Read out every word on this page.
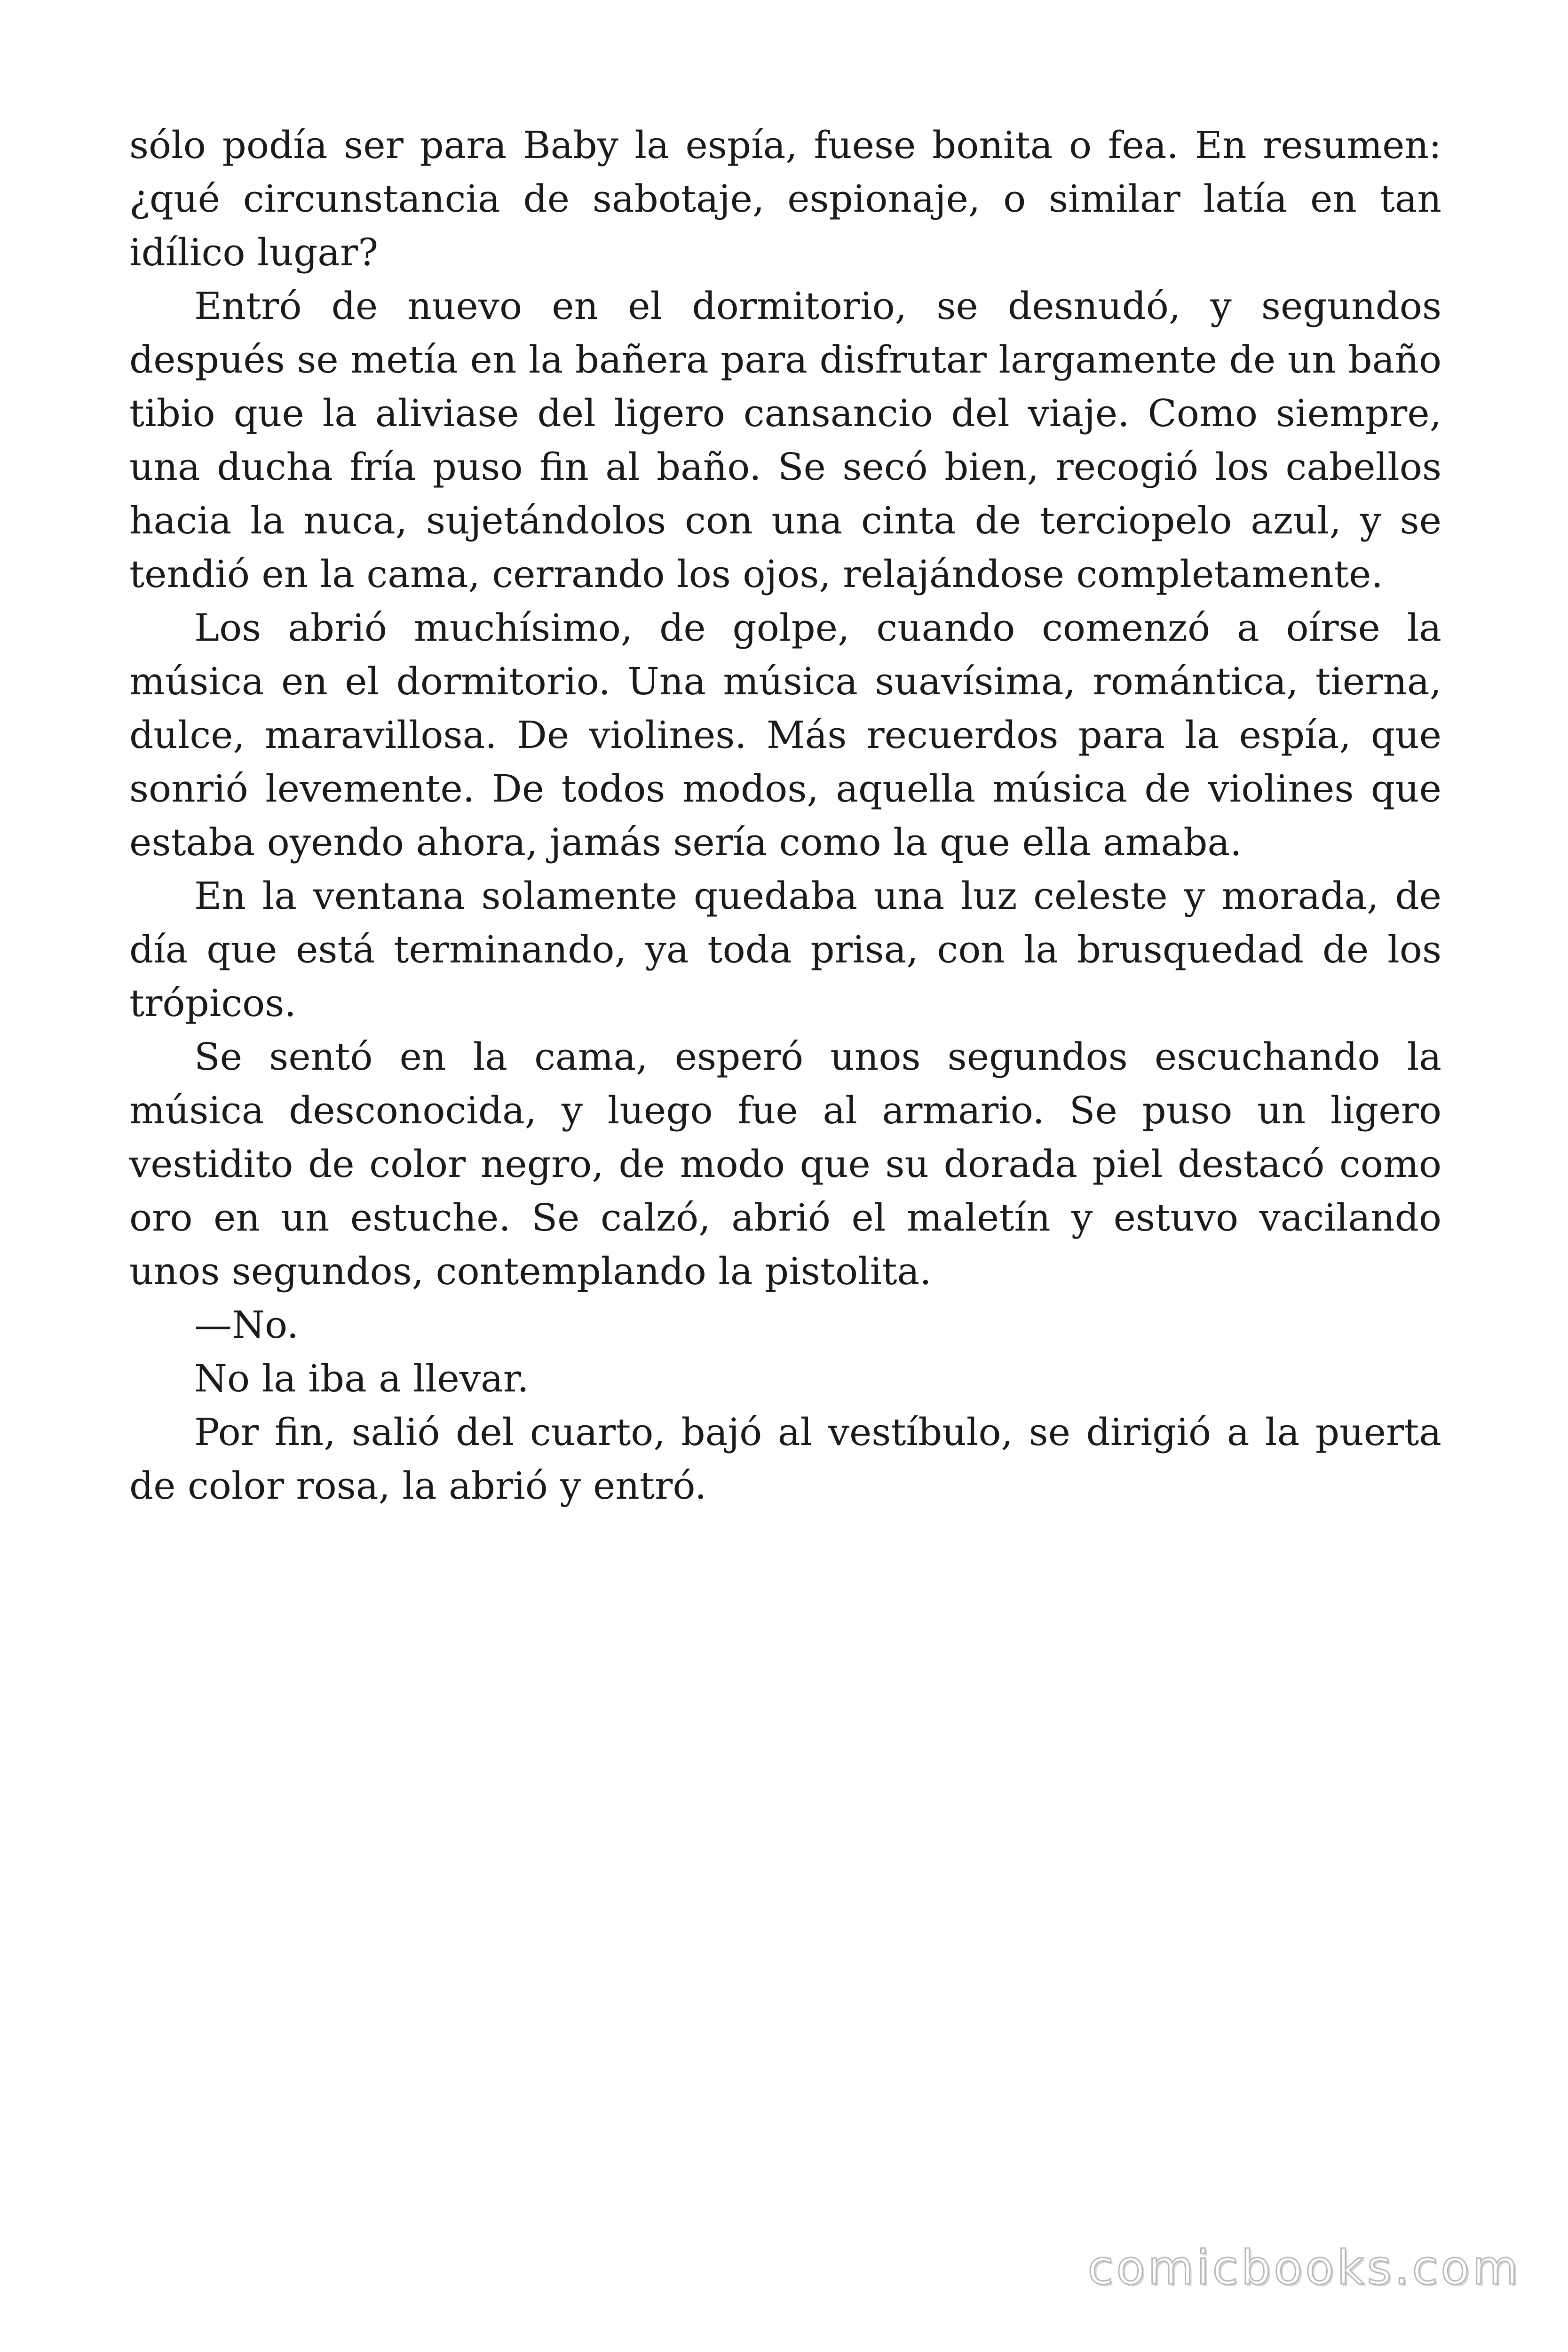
sólo podía ser para Baby la espía, fuese bonita o fea. En resumen: ¿qué circunstancia de sabotaje, espionaje, o similar latía en tan idílico lugar?

Entró de nuevo en el dormitorio, se desnudó, y segundos después se metía en la bañera para disfrutar largamente de un baño tibio que la aliviase del ligero cansancio del viaje. Como siempre, una ducha fría puso fin al baño. Se secó bien, recogió los cabellos hacia la nuca, sujetándolos con una cinta de terciopelo azul, y se tendió en la cama, cerrando los ojos, relajándose completamente.

Los abrió muchísimo, de golpe, cuando comenzó a oírse la música en el dormitorio. Una música suavísima, romántica, tierna, dulce, maravillosa. De violines. Más recuerdos para la espía, que sonrió levemente. De todos modos, aquella música de violines que estaba oyendo ahora, jamás sería como la que ella amaba.

En la ventana solamente quedaba una luz celeste y morada, de día que está terminando, ya toda prisa, con la brusquedad de los trópicos.

Se sentó en la cama, esperó unos segundos escuchando la música desconocida, y luego fue al armario. Se puso un ligero vestidito de color negro, de modo que su dorada piel destacó como oro en un estuche. Se calzó, abrió el maletín y estuvo vacilando unos segundos, contemplando la pistolita.

—No.

No la iba a llevar.

Por fin, salió del cuarto, bajó al vestíbulo, se dirigió a la puerta de color rosa, la abrió y entró.

comicbooks.com
